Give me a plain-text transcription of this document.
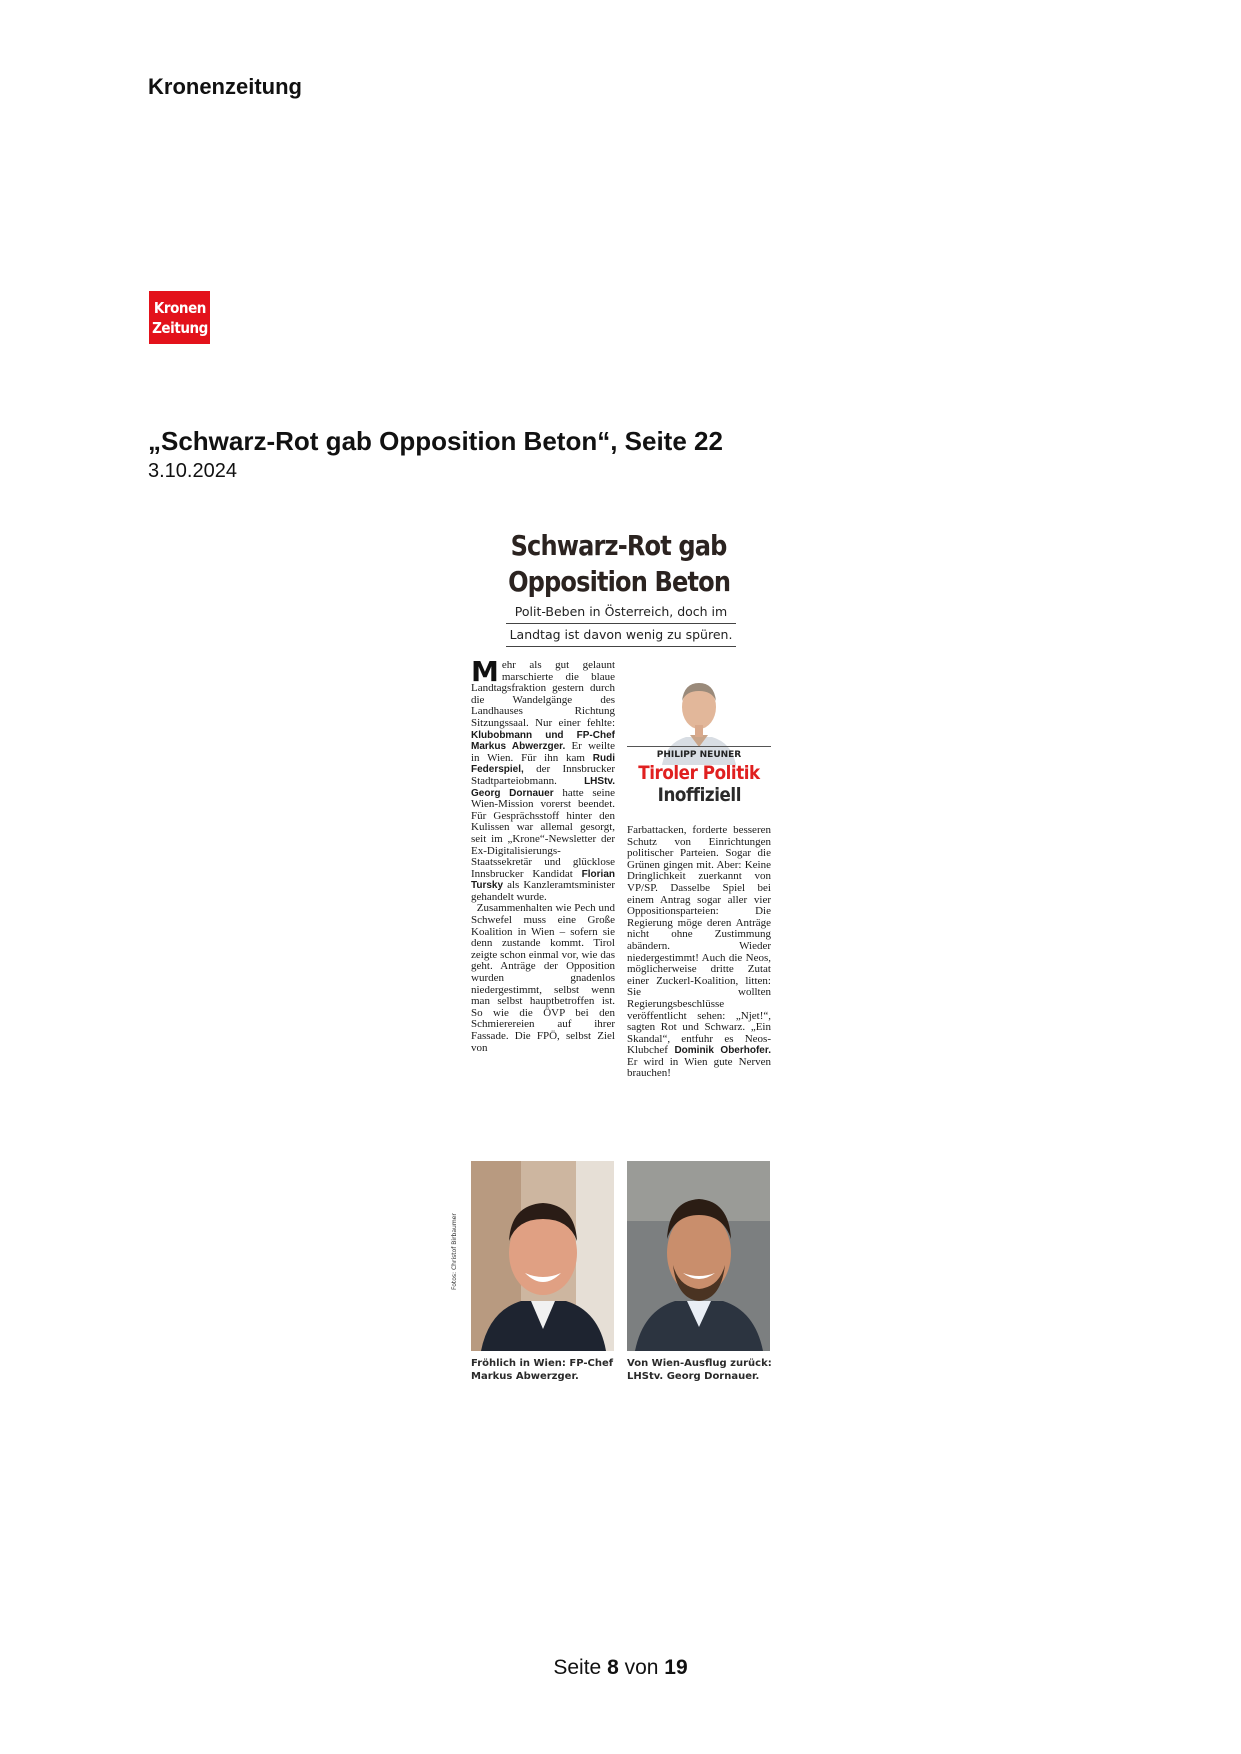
Kronenzeitung
Kronen
Zeitung
„Schwarz-Rot gab Opposition Beton“, Seite 22
3.10.2024
Schwarz-Rot gab
Opposition Beton
Polit-Beben in Österreich, doch im
Landtag ist davon wenig zu spüren.
Mehr als gut gelaunt marschierte die blaue Landtagsfraktion gestern durch die Wandelgänge des Landhauses Richtung Sitzungssaal. Nur einer fehlte: Klubobmann und FP-Chef Markus Abwerzger. Er weilte in Wien. Für ihn kam Rudi Federspiel, der Innsbrucker Stadtparteiobmann. LHStv. Georg Dornauer hatte seine Wien-Mission vorerst beendet. Für Gesprächsstoff hinter den Kulissen war allemal gesorgt, seit im „Krone“-Newsletter der Ex-Digitalisierungs-Staatssekretär und glücklose Innsbrucker Kandidat Florian Tursky als Kanzleramtsminister gehandelt wurde.
Zusammenhalten wie Pech und Schwefel muss eine Große Koalition in Wien – sofern sie denn zustande kommt. Tirol zeigte schon einmal vor, wie das geht. Anträge der Opposition wurden gnadenlos niedergestimmt, selbst wenn man selbst hauptbetroffen ist. So wie die ÖVP bei den Schmierereien auf ihrer Fassade. Die FPÖ, selbst Ziel von
PHILIPP NEUNER
Tiroler Politik
Inoffiziell
Farbattacken, forderte besseren Schutz von Einrichtungen politischer Parteien. Sogar die Grünen gingen mit. Aber: Keine Dringlichkeit zuerkannt von VP/SP. Dasselbe Spiel bei einem Antrag sogar aller vier Oppositionsparteien: Die Regierung möge deren Anträge nicht ohne Zustimmung abändern. Wieder niedergestimmt! Auch die Neos, möglicherweise dritte Zutat einer Zuckerl-Koalition, litten: Sie wollten Regierungsbeschlüsse veröffentlicht sehen: „Njet!“, sagten Rot und Schwarz. „Ein Skandal“, entfuhr es Neos-Klubchef Dominik Oberhofer. Er wird in Wien gute Nerven brauchen!
Fotos: Christof Birbaumer
Fröhlich in Wien: FP-Chef Markus Abwerzger.
Von Wien-Ausflug zurück: LHStv. Georg Dornauer.
Seite 8 von 19
